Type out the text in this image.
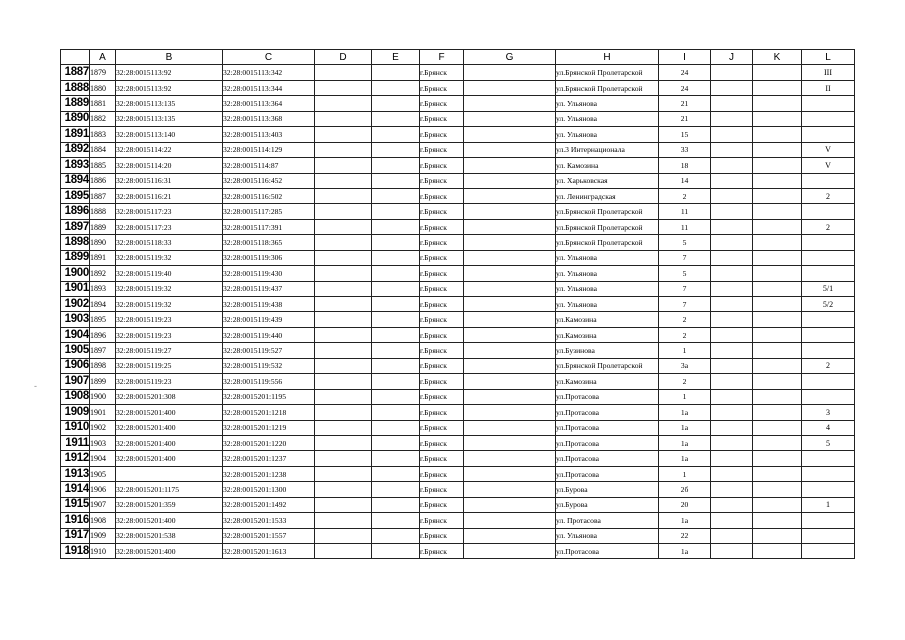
	A	B	C	D	E	F	G	H	I	J	K	L
1887	1879	32:28:0015113:92	32:28:0015113:342			г.Брянск		ул.Брянской Пролетарской	24			III
1888	1880	32:28:0015113:92	32:28:0015113:344			г.Брянск		ул.Брянской Пролетарской	24			II
1889	1881	32:28:0015113:135	32:28:0015113:364			г.Брянск		ул. Ульянова	21			
1890	1882	32:28:0015113:135	32:28:0015113:368			г.Брянск		ул. Ульянова	21			
1891	1883	32:28:0015113:140	32:28:0015113:403			г.Брянск		ул. Ульянова	15			
1892	1884	32:28:0015114:22	32:28:0015114:129			г.Брянск		ул.3 Интернационала	33			V
1893	1885	32:28:0015114:20	32:28:0015114:87			г.Брянск		ул. Камозина	18			V
1894	1886	32:28:0015116:31	32:28:0015116:452			г.Брянск		ул. Харьковская	14			
1895	1887	32:28:0015116:21	32:28:0015116:502			г.Брянск		ул. Ленинградская	2			2
1896	1888	32:28:0015117:23	32:28:0015117:285			г.Брянск		ул.Брянской Пролетарской	11			
1897	1889	32:28:0015117:23	32:28:0015117:391			г.Брянск		ул.Брянской Пролетарской	11			2
1898	1890	32:28:0015118:33	32:28:0015118:365			г.Брянск		ул.Брянской Пролетарской	5			
1899	1891	32:28:0015119:32	32:28:0015119:306			г.Брянск		ул. Ульянова	7			
1900	1892	32:28:0015119:40	32:28:0015119:430			г.Брянск		ул. Ульянова	5			
1901	1893	32:28:0015119:32	32:28:0015119:437			г.Брянск		ул. Ульянова	7			5/1
1902	1894	32:28:0015119:32	32:28:0015119:438			г.Брянск		ул. Ульянова	7			5/2
1903	1895	32:28:0015119:23	32:28:0015119:439			г.Брянск		ул.Камозина	2			
1904	1896	32:28:0015119:23	32:28:0015119:440			г.Брянск		ул.Камозина	2			
1905	1897	32:28:0015119:27	32:28:0015119:527			г.Брянск		ул.Бузинова	1			
1906	1898	32:28:0015119:25	32:28:0015119:532			г.Брянск		ул.Брянской Пролетарской	3а			2
1907	1899	32:28:0015119:23	32:28:0015119:556			г.Брянск		ул.Камозина	2			
1908	1900	32:28:0015201:308	32:28:0015201:1195			г.Брянск		ул.Протасова	1			
1909	1901	32:28:0015201:400	32:28:0015201:1218			г.Брянск		ул.Протасова	1а			3
1910	1902	32:28:0015201:400	32:28:0015201:1219			г.Брянск		ул.Протасова	1а			4
1911	1903	32:28:0015201:400	32:28:0015201:1220			г.Брянск		ул.Протасова	1а			5
1912	1904	32:28:0015201:400	32:28:0015201:1237			г.Брянск		ул.Протасова	1а			
1913	1905		32:28:0015201:1238			г.Брянск		ул.Протасова	1			
1914	1906	32:28:0015201:1175	32:28:0015201:1300			г.Брянск		ул.Бурова	2б			
1915	1907	32:28:0015201:359	32:28:0015201:1492			г.Брянск		ул.Бурова	20			1
1916	1908	32:28:0015201:400	32:28:0015201:1533			г.Брянск		ул. Протасова	1а			
1917	1909	32:28:0015201:538	32:28:0015201:1557			г.Брянск		ул. Ульянова	22			
1918	1910	32:28:0015201:400	32:28:0015201:1613			г.Брянск		ул.Протасова	1а			
-
